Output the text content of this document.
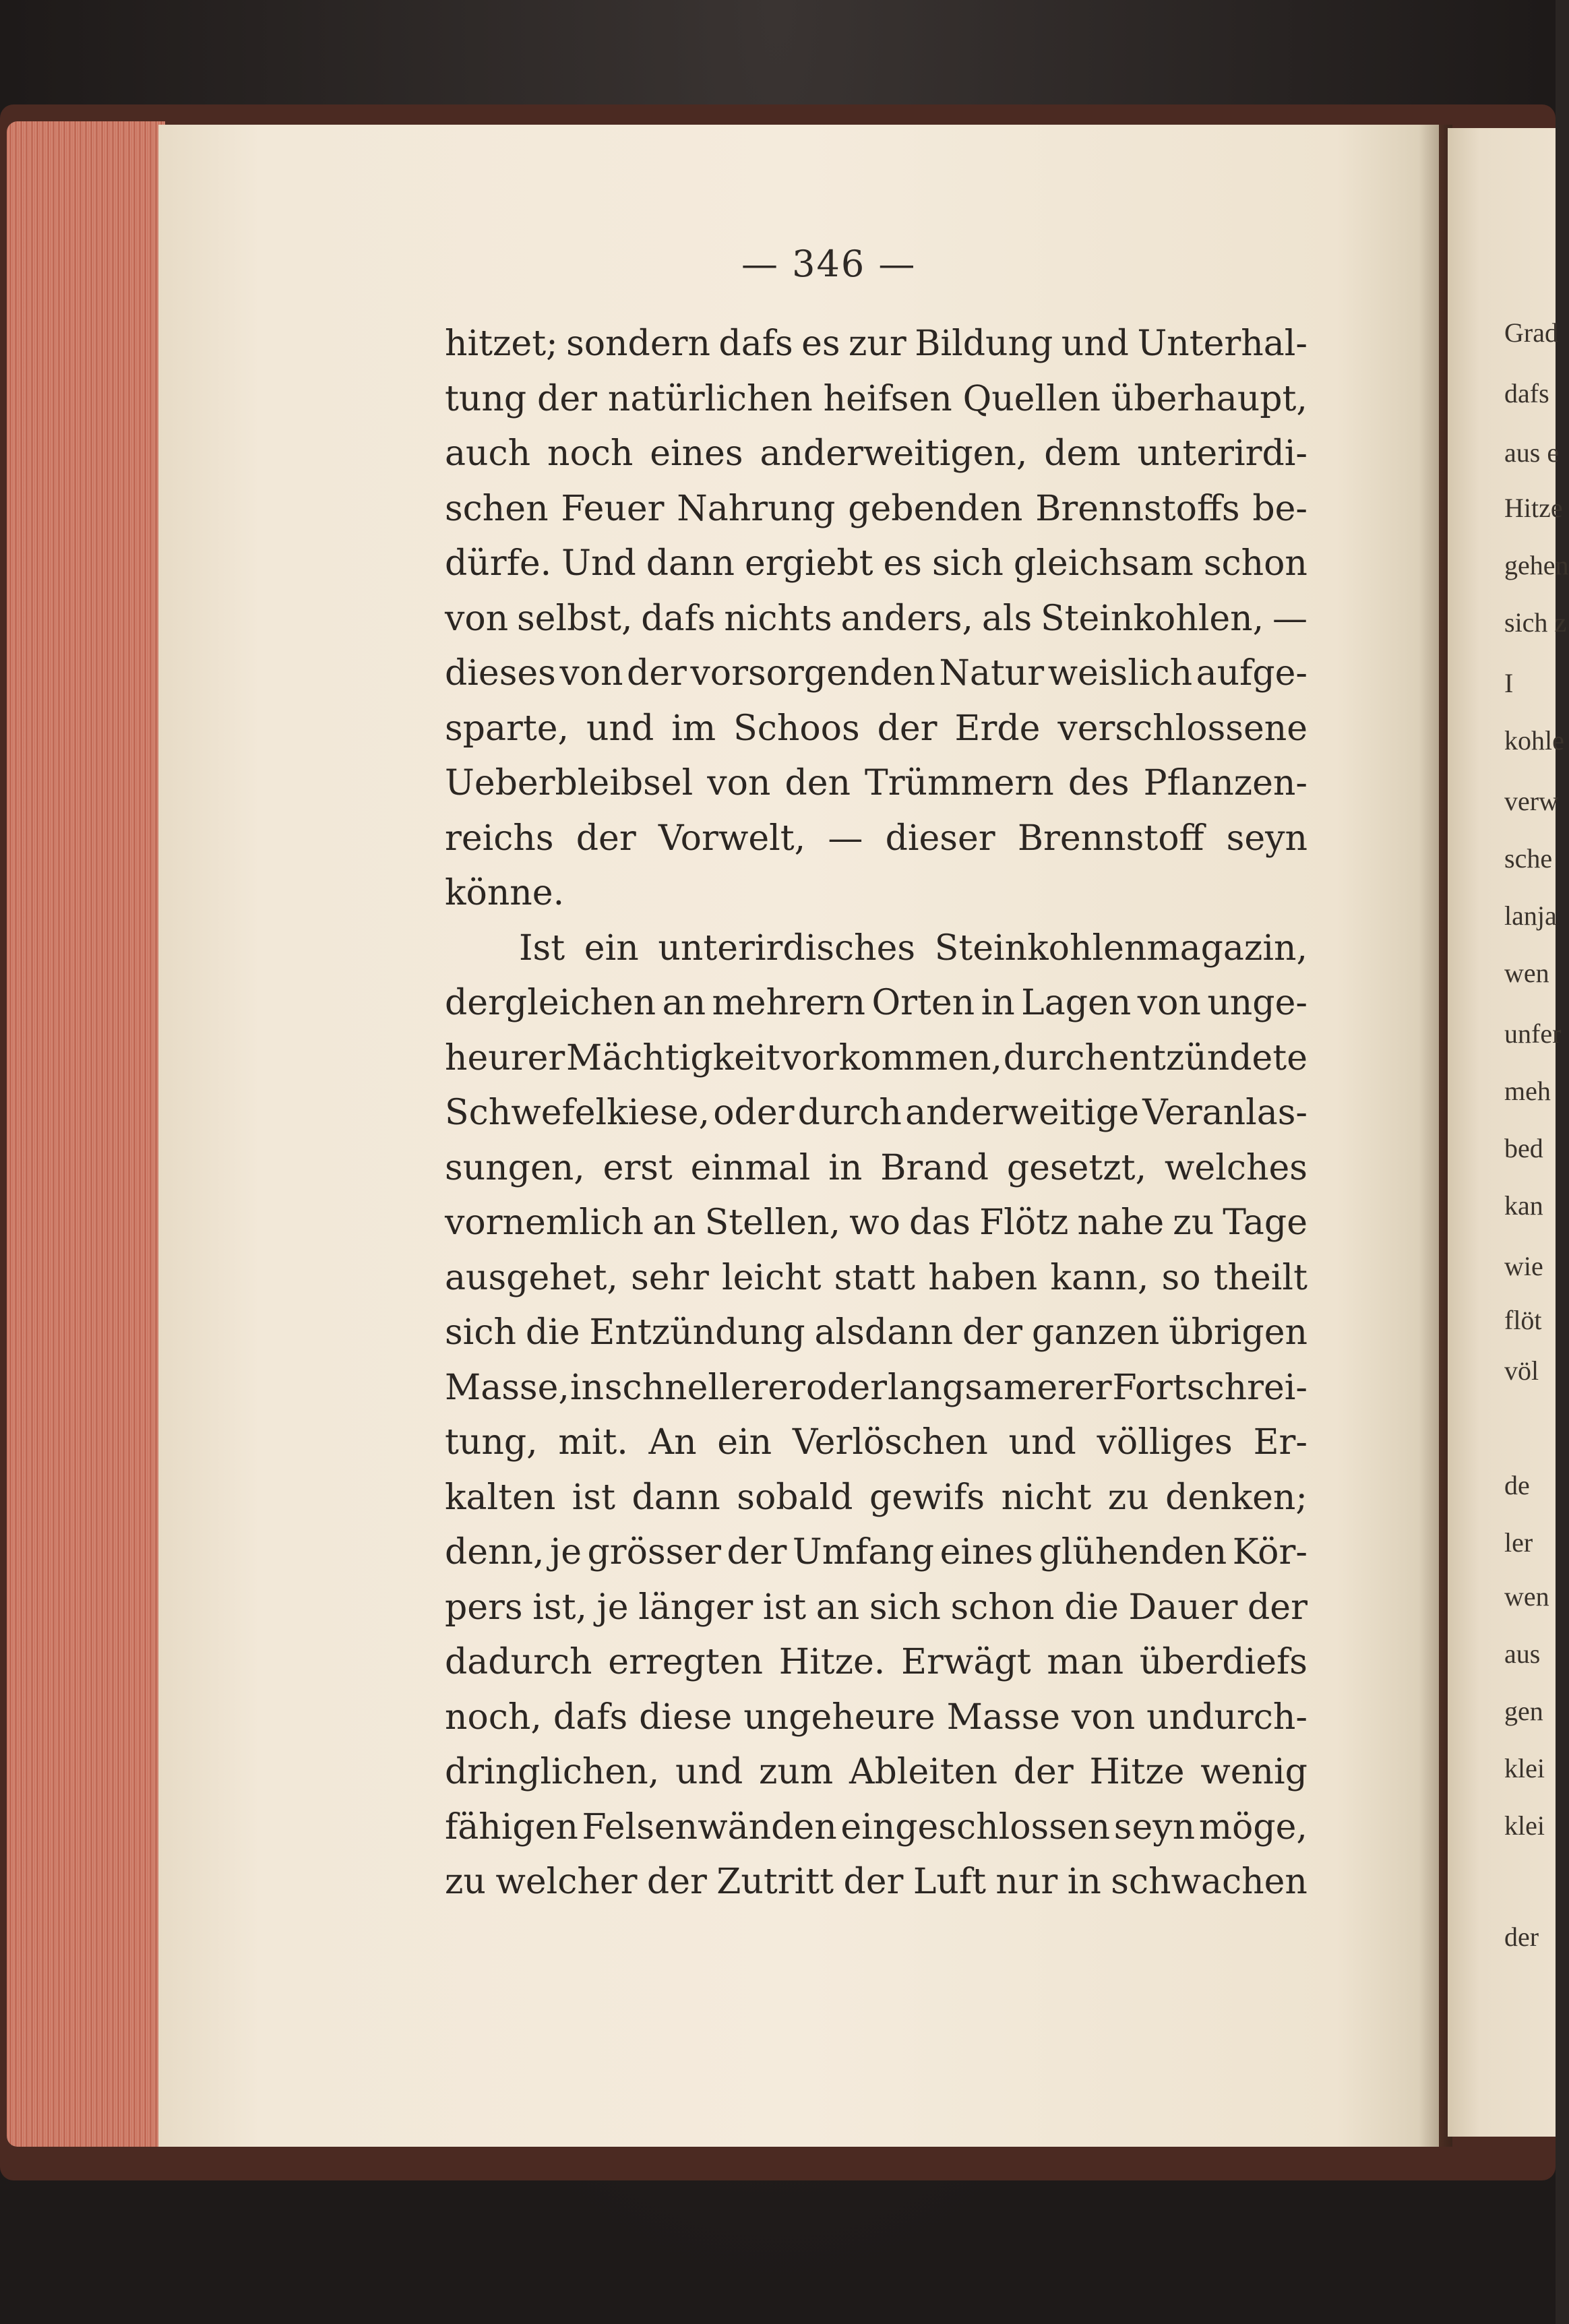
— 346 —
hitzet; sondern dafs es zur Bildung und Unterhal-
tung der natürlichen heifsen Quellen überhaupt,
auch noch eines anderweitigen, dem unterirdi-
schen Feuer Nahrung gebenden Brennstoffs be-
dürfe. Und dann ergiebt es sich gleichsam schon
von selbst, dafs nichts anders, als Steinkohlen, —
dieses von der vorsorgenden Natur weislich aufge-
sparte, und im Schoos der Erde verschlossene
Ueberbleibsel von den Trümmern des Pflanzen-
reichs der Vorwelt, — dieser Brennstoff seyn
könne.
Ist ein unterirdisches Steinkohlenmagazin,
dergleichen an mehrern Orten in Lagen von unge-
heurer Mächtigkeit vorkommen, durch entzündete
Schwefelkiese, oder durch anderweitige Veranlas-
sungen, erst einmal in Brand gesetzt, welches
vornemlich an Stellen, wo das Flötz nahe zu Tage
ausgehet, sehr leicht statt haben kann, so theilt
sich die Entzündung alsdann der ganzen übrigen
Masse, in schnellerer oder langsamerer Fortschrei-
tung, mit. An ein Verlöschen und völliges Er-
kalten ist dann sobald gewifs nicht zu denken;
denn, je grösser der Umfang eines glühenden Kör-
pers ist, je länger ist an sich schon die Dauer der
dadurch erregten Hitze. Erwägt man überdiefs
noch, dafs diese ungeheure Masse von undurch-
dringlichen, und zum Ableiten der Hitze wenig
fähigen Felsenwänden eingeschlossen seyn möge,
zu welcher der Zutritt der Luft nur in schwachen
Grad
dafs
aus e
Hitze
gehen
sich z
I
kohle
verw
sche
lanja
wen
unfer
meh
bed
kan
wie
flöt
völ
de
ler
wen
aus
gen
klei
klei
der
